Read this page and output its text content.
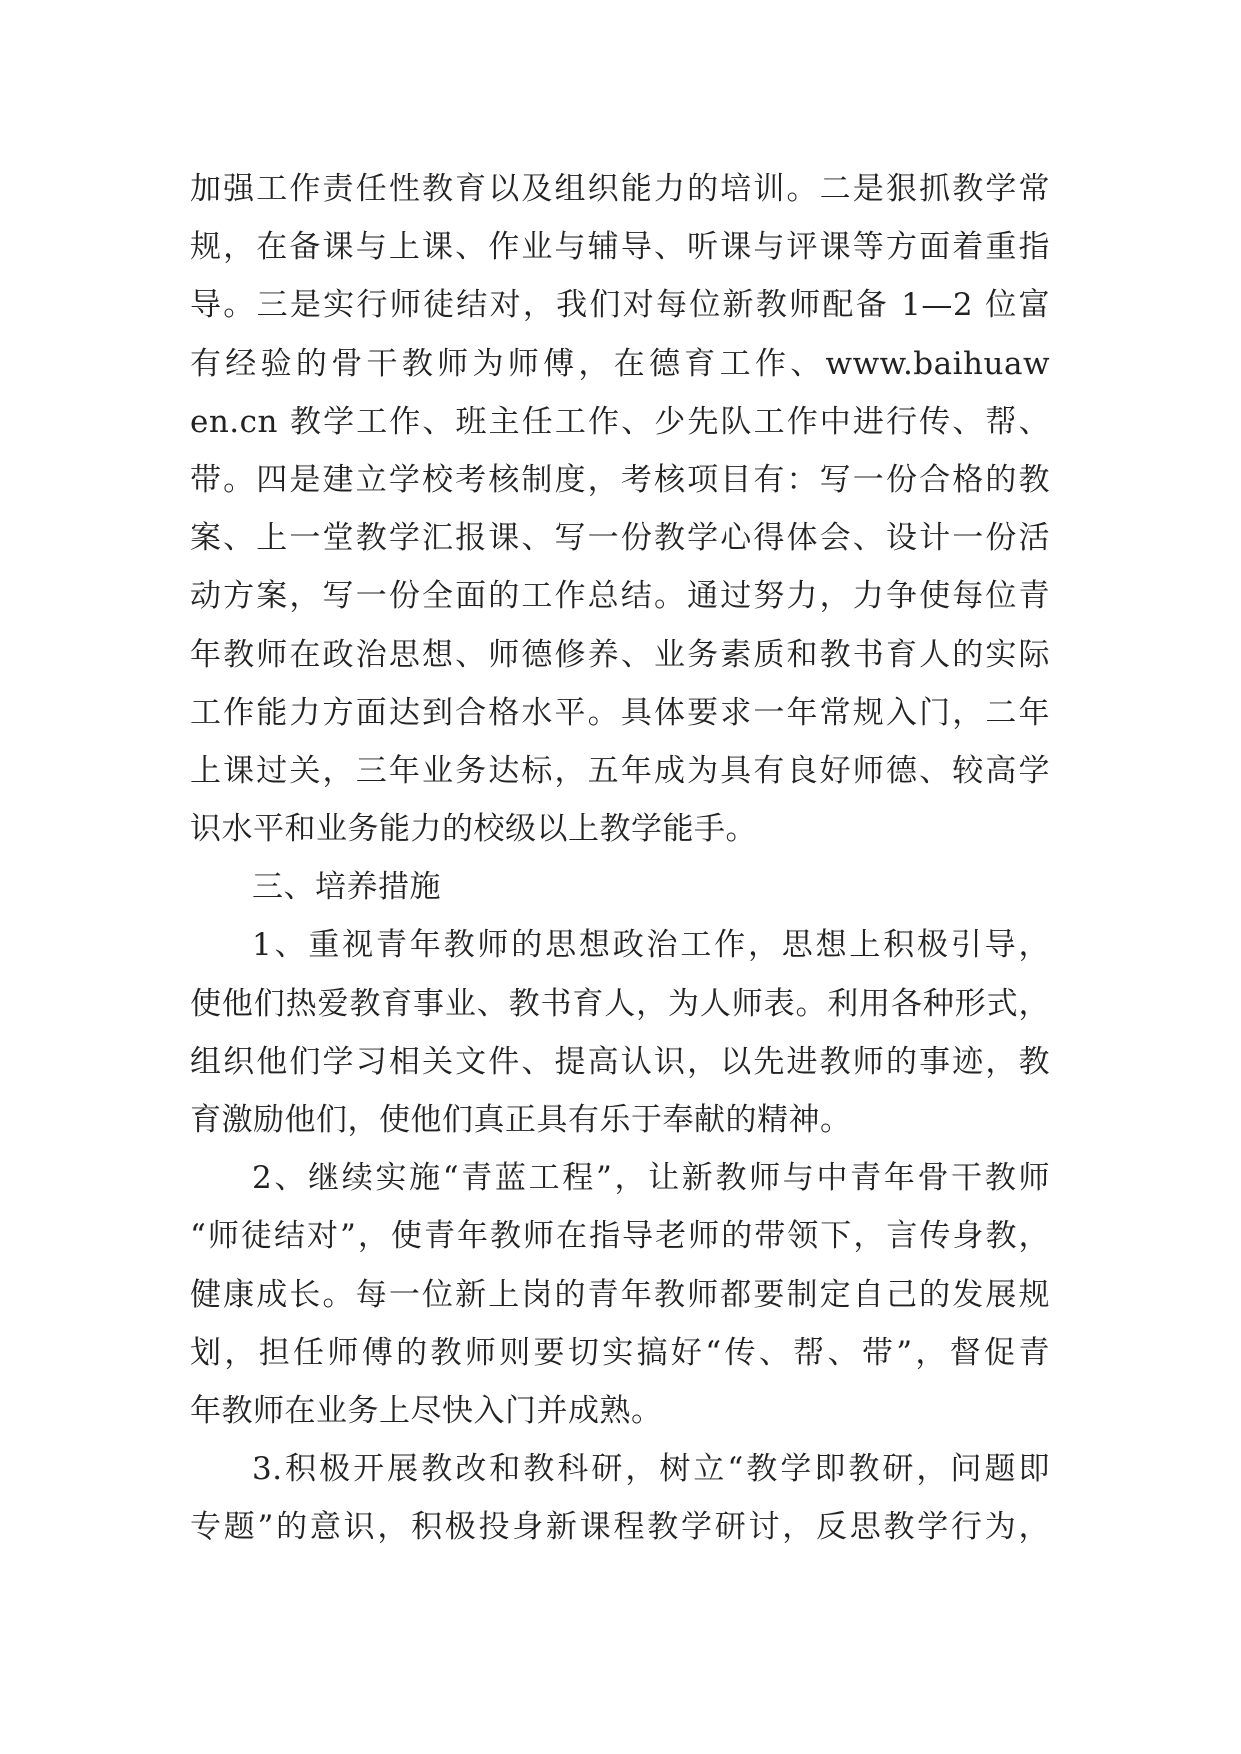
加强工作责任性教育以及组织能力的培训。二是狠抓教学常
规，在备课与上课、作业与辅导、听课与评课等方面着重指
导。三是实行师徒结对，我们对每位新教师配备 1—2 位富
有经验的骨干教师为师傅，在德育工作、www.baihuaw
en.cn 教学工作、班主任工作、少先队工作中进行传、帮、
带。四是建立学校考核制度，考核项目有：写一份合格的教
案、上一堂教学汇报课、写一份教学心得体会、设计一份活
动方案，写一份全面的工作总结。通过努力，力争使每位青
年教师在政治思想、师德修养、业务素质和教书育人的实际
工作能力方面达到合格水平。具体要求一年常规入门，二年
上课过关，三年业务达标，五年成为具有良好师德、较高学
识水平和业务能力的校级以上教学能手。
三、培养措施
1、重视青年教师的思想政治工作，思想上积极引导，
使他们热爱教育事业、教书育人，为人师表。利用各种形式，
组织他们学习相关文件、提高认识，以先进教师的事迹，教
育激励他们，使他们真正具有乐于奉献的精神。
2、继续实施“青蓝工程”，让新教师与中青年骨干教师
“师徒结对”，使青年教师在指导老师的带领下，言传身教，
健康成长。每一位新上岗的青年教师都要制定自己的发展规
划，担任师傅的教师则要切实搞好“传、帮、带”，督促青
年教师在业务上尽快入门并成熟。
3.积极开展教改和教科研，树立“教学即教研，问题即
专题”的意识，积极投身新课程教学研讨，反思教学行为，
